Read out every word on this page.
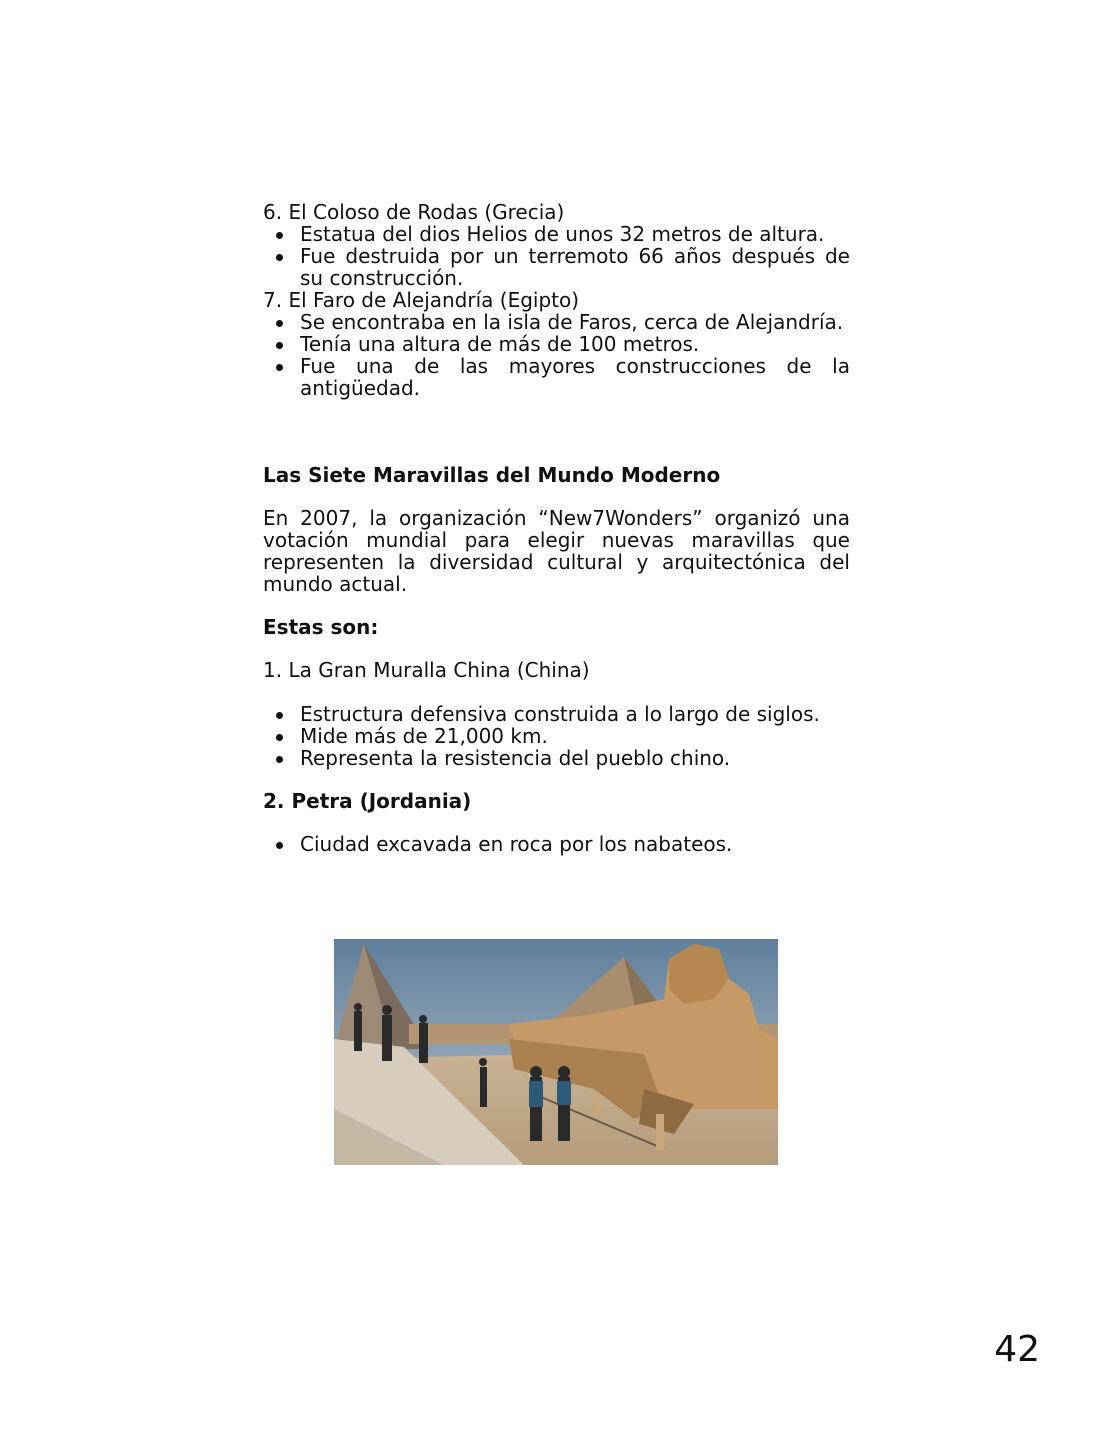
6. El Coloso de Rodas (Grecia)

Estatua del dios Helios de unos 32 metros de altura.
Fue destruida por un terremoto 66 años después de su construcción.

7. El Faro de Alejandría (Egipto)

Se encontraba en la isla de Faros, cerca de Alejandría.
Tenía una altura de más de 100 metros.
Fue una de las mayores construcciones de la antigüedad.
Las Siete Maravillas del Mundo Moderno

En 2007, la organización “New7Wonders” organizó una votación mundial para elegir nuevas maravillas que representen la diversidad cultural y arquitectónica del mundo actual.

Estas son:

1. La Gran Muralla China (China)

Estructura defensiva construida a lo largo de siglos.
Mide más de 21,000 km.
Representa la resistencia del pueblo chino.
2. Petra (Jordania)
Ciudad excavada en roca por los nabateos.
42
